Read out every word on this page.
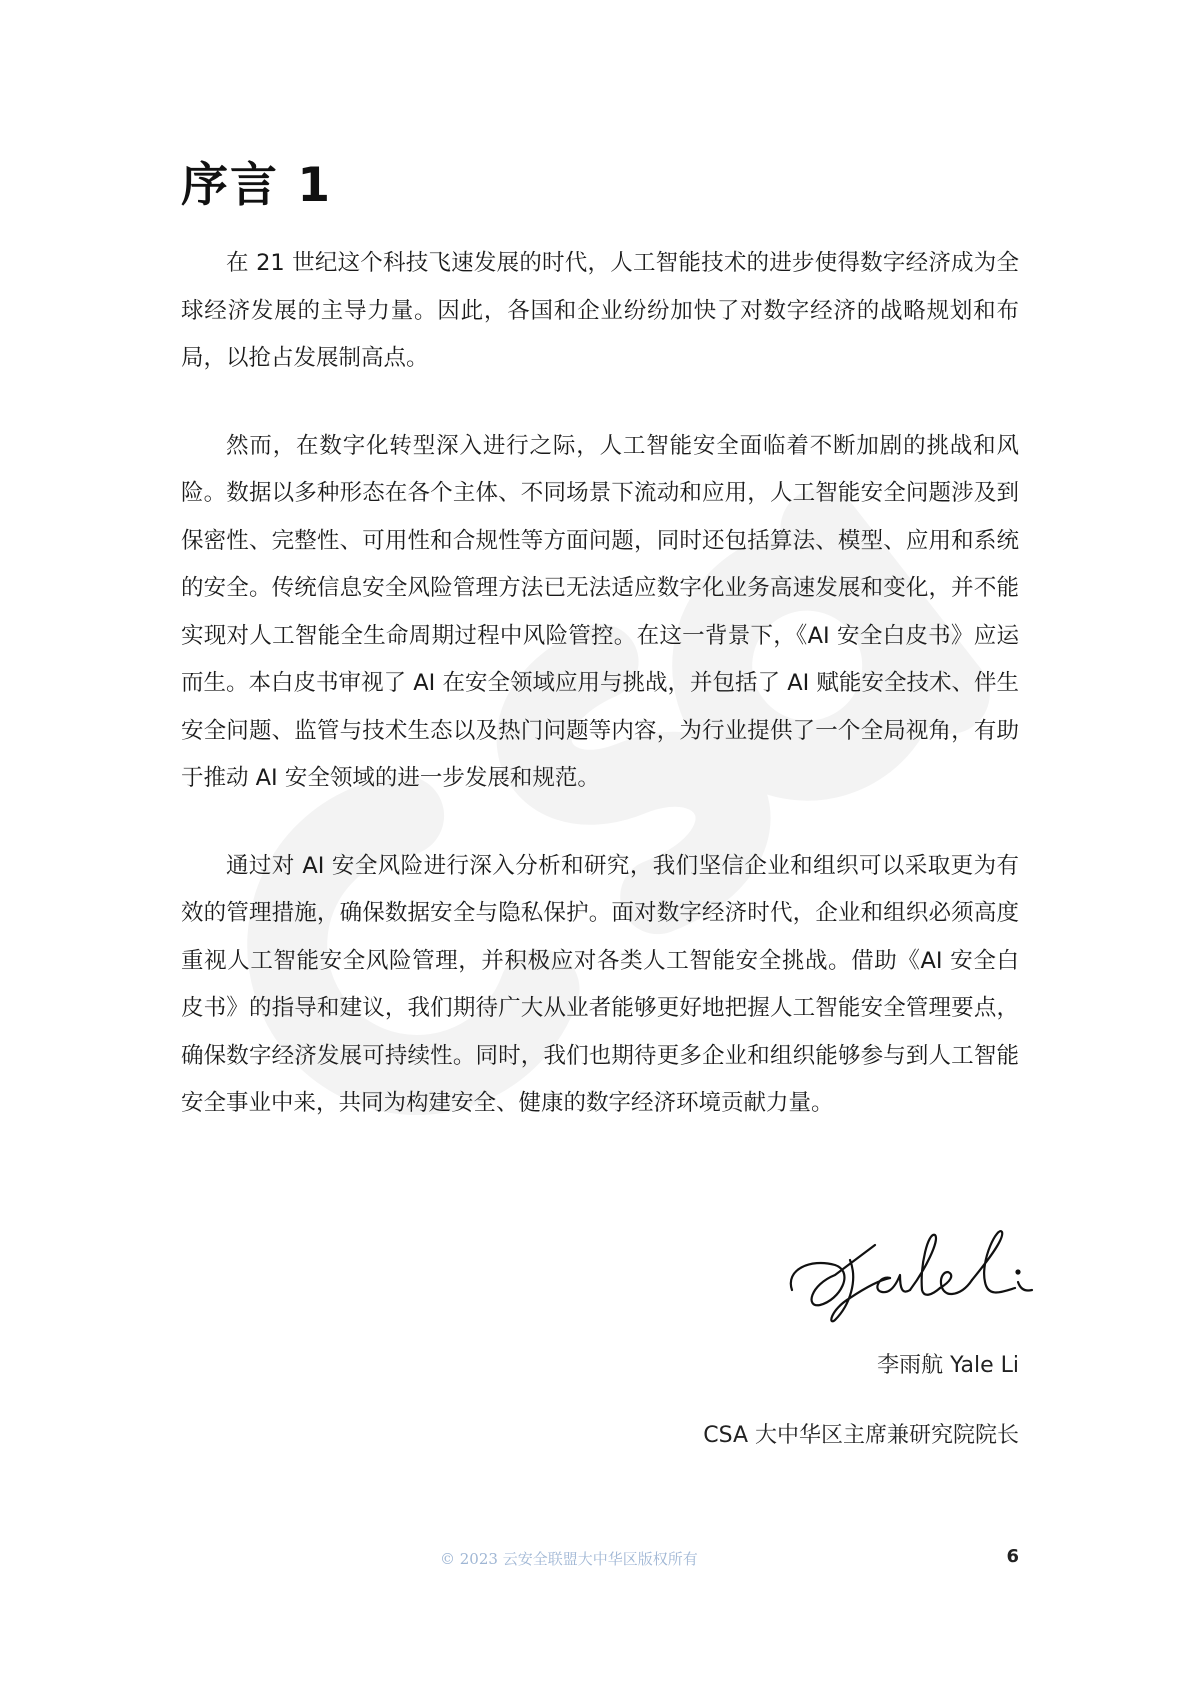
序言 1

在 21 世纪这个科技飞速发展的时代，人工智能技术的进步使得数字经济成为全球经济发展的主导力量。因此，各国和企业纷纷加快了对数字经济的战略规划和布局，以抢占发展制高点。

然而，在数字化转型深入进行之际，人工智能安全面临着不断加剧的挑战和风险。数据以多种形态在各个主体、不同场景下流动和应用，人工智能安全问题涉及到保密性、完整性、可用性和合规性等方面问题，同时还包括算法、模型、应用和系统的安全。传统信息安全风险管理方法已无法适应数字化业务高速发展和变化，并不能实现对人工智能全生命周期过程中风险管控。在这一背景下，《AI 安全白皮书》应运而生。本白皮书审视了 AI 在安全领域应用与挑战，并包括了 AI 赋能安全技术、伴生安全问题、监管与技术生态以及热门问题等内容，为行业提供了一个全局视角，有助于推动 AI 安全领域的进一步发展和规范。

通过对 AI 安全风险进行深入分析和研究，我们坚信企业和组织可以采取更为有效的管理措施，确保数据安全与隐私保护。面对数字经济时代，企业和组织必须高度重视人工智能安全风险管理，并积极应对各类人工智能安全挑战。借助《AI 安全白皮书》的指导和建议，我们期待广大从业者能够更好地把握人工智能安全管理要点，确保数字经济发展可持续性。同时，我们也期待更多企业和组织能够参与到人工智能安全事业中来，共同为构建安全、健康的数字经济环境贡献力量。

李雨航 Yale Li
CSA 大中华区主席兼研究院院长
© 2023 云安全联盟大中华区版权所有	6
